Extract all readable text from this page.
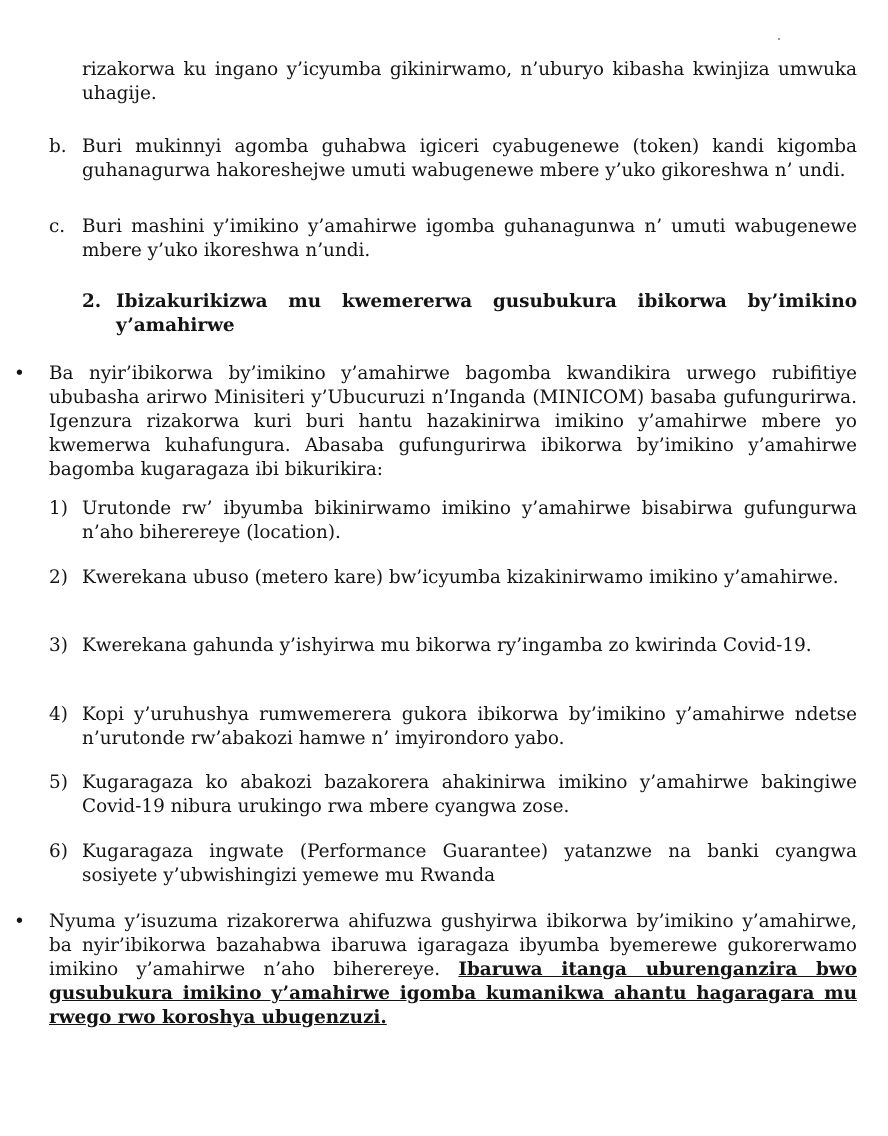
rizakorwa ku ingano y’icyumba gikinirwamo, n’uburyo kibasha kwinjiza umwuka uhagije.
b. Buri mukinnyi agomba guhabwa igiceri cyabugenewe (token) kandi kigomba guhanagurwa hakoreshejwe umuti wabugenewe mbere y’uko gikoreshwa n’ undi.
c. Buri mashini y’imikino y’amahirwe igomba guhanagunwa n’ umuti wabugenewe mbere y’uko ikoreshwa n’undi.
2. Ibizakurikizwa mu kwemererwa gusubukura ibikorwa by’imikino y’amahirwe
• Ba nyir’ibikorwa by’imikino y’amahirwe bagomba kwandikira urwego rubifitiye ububasha arirwo Minisiteri y’Ubucuruzi n’Inganda (MINICOM) basaba gufungurirwa. Igenzura rizakorwa kuri buri hantu hazakinirwa imikino y’amahirwe mbere yo kwemerwa kuhafungura. Abasaba gufungurirwa ibikorwa by’imikino y’amahirwe bagomba kugaragaza ibi bikurikira:
1) Urutonde rw’ ibyumba bikinirwamo imikino y’amahirwe bisabirwa gufungurwa n’aho biherereye (location).
2) Kwerekana ubuso (metero kare) bw’icyumba kizakinirwamo imikino y’amahirwe.
3) Kwerekana gahunda y’ishyirwa mu bikorwa ry’ingamba zo kwirinda Covid-19.
4) Kopi y’uruhushya rumwemerera gukora ibikorwa by’imikino y’amahirwe ndetse n’urutonde rw’abakozi hamwe n’ imyirondoro yabo.
5) Kugaragaza ko abakozi bazakorera ahakinirwa imikino y’amahirwe bakingiwe Covid-19 nibura urukingo rwa mbere cyangwa zose.
6) Kugaragaza ingwate (Performance Guarantee) yatanzwe na banki cyangwa sosiyete y’ubwishingizi yemewe mu Rwanda
• Nyuma y’isuzuma rizakorerwa ahifuzwa gushyirwa ibikorwa by’imikino y’amahirwe, ba nyir’ibikorwa bazahabwa ibaruwa igaragaza ibyumba byemerewe gukorerwamo imikino y’amahirwe n’aho biherereye. Ibaruwa itanga uburenganzira bwo gusubukura imikino y’amahirwe igomba kumanikwa ahantu hagaragara mu rwego rwo koroshya ubugenzuzi.
